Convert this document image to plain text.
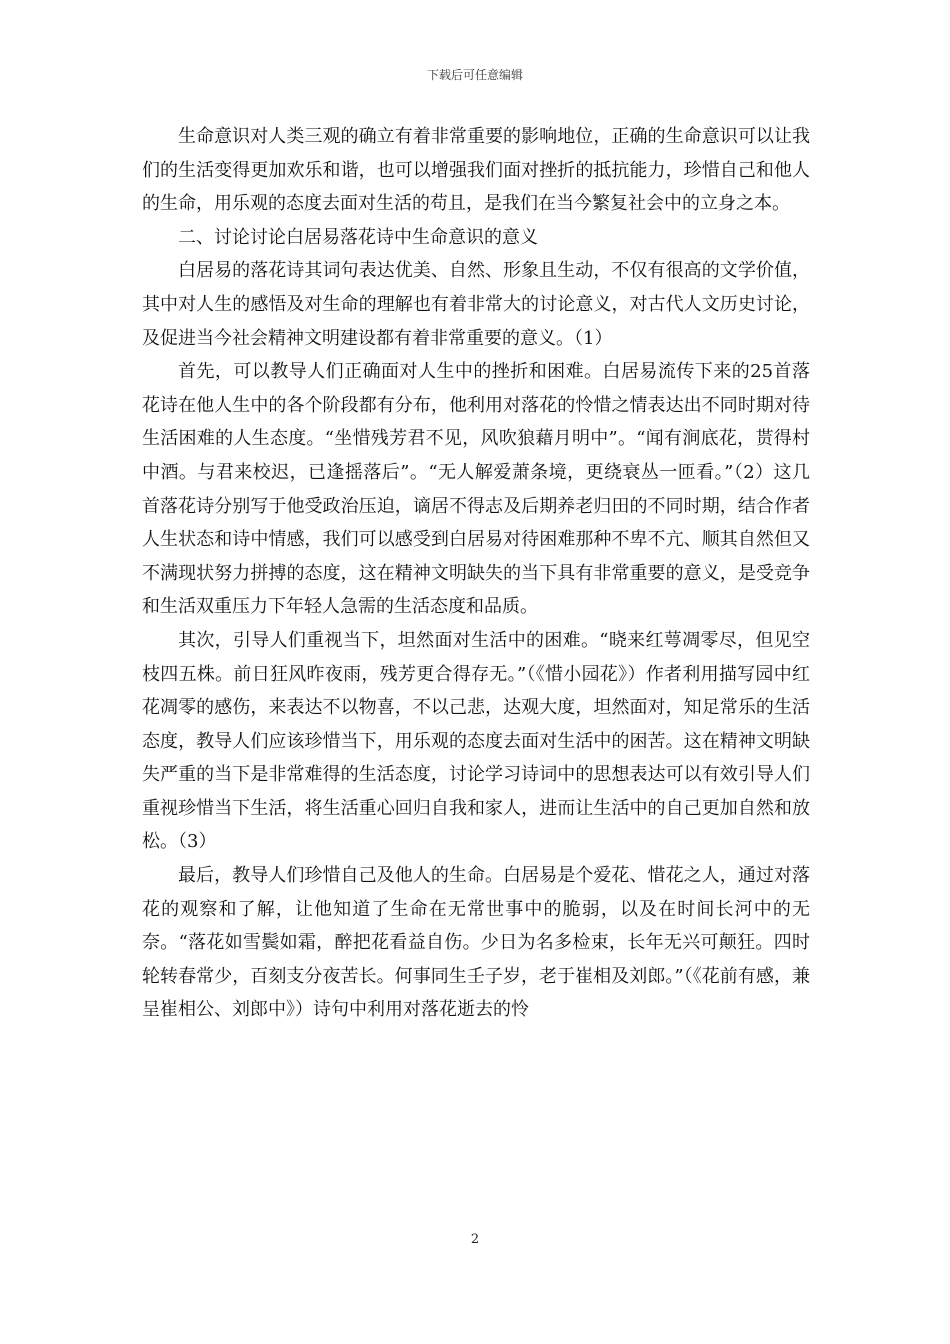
下载后可任意编辑

生命意识对人类三观的确立有着非常重要的影响地位，正确的生命意识可以让我们的生活变得更加欢乐和谐，也可以增强我们面对挫折的抵抗能力，珍惜自己和他人的生命，用乐观的态度去面对生活的苟且，是我们在当今繁复社会中的立身之本。

二、讨论讨论白居易落花诗中生命意识的意义

白居易的落花诗其词句表达优美、自然、形象且生动，不仅有很高的文学价值，其中对人生的感悟及对生命的理解也有着非常大的讨论意义，对古代人文历史讨论，及促进当今社会精神文明建设都有着非常重要的意义。（1）

首先，可以教导人们正确面对人生中的挫折和困难。白居易流传下来的25首落花诗在他人生中的各个阶段都有分布，他利用对落花的怜惜之情表达出不同时期对待生活困难的人生态度。“坐惜残芳君不见，风吹狼藉月明中”。“闻有涧底花，贳得村中酒。与君来校迟，已逢摇落后”。“无人解爱萧条境，更绕衰丛一匝看。”（2）这几首落花诗分别写于他受政治压迫，谪居不得志及后期养老归田的不同时期，结合作者人生状态和诗中情感，我们可以感受到白居易对待困难那种不卑不亢、顺其自然但又不满现状努力拼搏的态度，这在精神文明缺失的当下具有非常重要的意义，是受竞争和生活双重压力下年轻人急需的生活态度和品质。

其次，引导人们重视当下，坦然面对生活中的困难。“晓来红萼凋零尽，但见空枝四五株。前日狂风昨夜雨，残芳更合得存无。”（《惜小园花》）作者利用描写园中红花凋零的感伤，来表达不以物喜，不以己悲，达观大度，坦然面对，知足常乐的生活态度，教导人们应该珍惜当下，用乐观的态度去面对生活中的困苦。这在精神文明缺失严重的当下是非常难得的生活态度，讨论学习诗词中的思想表达可以有效引导人们重视珍惜当下生活，将生活重心回归自我和家人，进而让生活中的自己更加自然和放松。（3）

最后，教导人们珍惜自己及他人的生命。白居易是个爱花、惜花之人，通过对落花的观察和了解，让他知道了生命在无常世事中的脆弱，以及在时间长河中的无奈。“落花如雪鬓如霜，醉把花看益自伤。少日为名多检束，长年无兴可颠狂。四时轮转春常少，百刻支分夜苦长。何事同生壬子岁，老于崔相及刘郎。”（《花前有感，兼呈崔相公、刘郎中》）诗句中利用对落花逝去的怜

2
